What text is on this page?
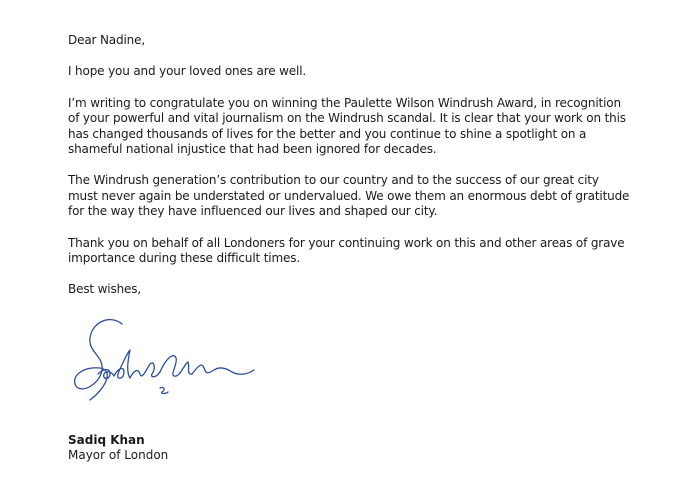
Dear Nadine,

I hope you and your loved ones are well.

I’m writing to congratulate you on winning the Paulette Wilson Windrush Award, in recognition
of your powerful and vital journalism on the Windrush scandal. It is clear that your work on this
has changed thousands of lives for the better and you continue to shine a spotlight on a
shameful national injustice that had been ignored for decades.

The Windrush generation’s contribution to our country and to the success of our great city
must never again be understated or undervalued. We owe them an enormous debt of gratitude
for the way they have influenced our lives and shaped our city.

Thank you on behalf of all Londoners for your continuing work on this and other areas of grave
importance during these difficult times.

Best wishes,

Sadiq Khan
Mayor of London
